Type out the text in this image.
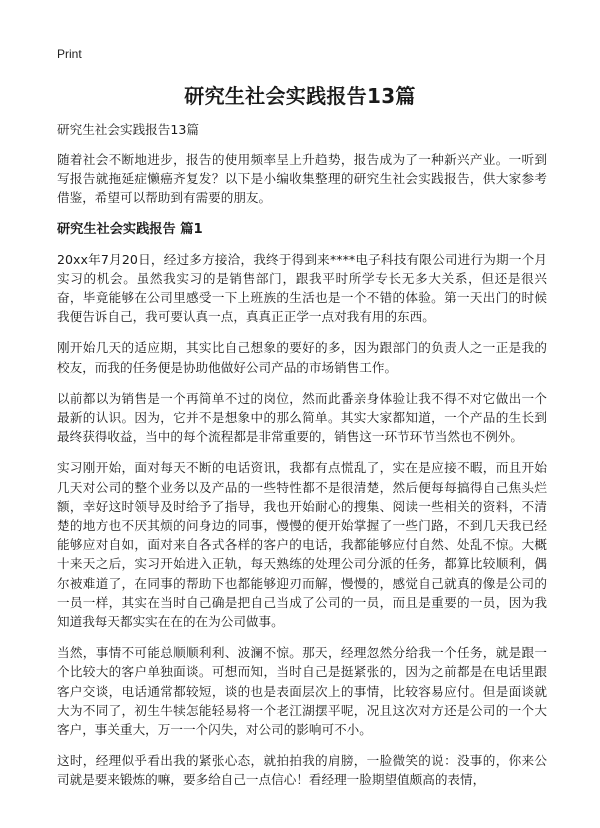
Print
研究生社会实践报告13篇
研究生社会实践报告13篇

随着社会不断地进步，报告的使用频率呈上升趋势，报告成为了一种新兴产业。一听到写报告就拖延症懒癌齐复发？以下是小编收集整理的研究生社会实践报告，供大家参考借鉴，希望可以帮助到有需要的朋友。

研究生社会实践报告 篇1

20xx年7月20日，经过多方接洽，我终于得到来****电子科技有限公司进行为期一个月实习的机会。虽然我实习的是销售部门，跟我平时所学专长无多大关系，但还是很兴奋，毕竟能够在公司里感受一下上班族的生活也是一个不错的体验。第一天出门的时候我便告诉自己，我可要认真一点，真真正正学一点对我有用的东西。

刚开始几天的适应期，其实比自己想象的要好的多，因为跟部门的负责人之一正是我的校友，而我的任务便是协助他做好公司产品的市场销售工作。

以前都以为销售是一个再简单不过的岗位，然而此番亲身体验让我不得不对它做出一个最新的认识。因为，它并不是想象中的那么简单。其实大家都知道，一个产品的生长到最终获得收益，当中的每个流程都是非常重要的，销售这一环节环节当然也不例外。

实习刚开始，面对每天不断的电话资讯，我都有点慌乱了，实在是应接不暇，而且开始几天对公司的整个业务以及产品的一些特性都不是很清楚，然后便每每搞得自己焦头烂额，幸好这时领导及时给予了指导，我也开始耐心的搜集、阅读一些相关的资料，不清楚的地方也不厌其烦的问身边的同事，慢慢的便开始掌握了一些门路，不到几天我已经能够应对自如，面对来自各式各样的客户的电话，我都能够应付自然、处乱不惊。大概十来天之后，实习开始进入正轨，每天熟练的处理公司分派的任务，都算比较顺利，偶尔被难道了，在同事的帮助下也都能够迎刃而解，慢慢的，感觉自己就真的像是公司的一员一样，其实在当时自己确是把自己当成了公司的一员，而且是重要的一员，因为我知道我每天都实实在在的在为公司做事。

当然，事情不可能总顺顺利利、波澜不惊。那天，经理忽然分给我一个任务，就是跟一个比较大的客户单独面谈。可想而知，当时自己是挺紧张的，因为之前都是在电话里跟客户交谈，电话通常都较短，谈的也是表面层次上的事情，比较容易应付。但是面谈就大为不同了，初生牛犊怎能轻易将一个老江湖摆平呢，况且这次对方还是公司的一个大客户，事关重大，万一一个闪失，对公司的影响可不小。

这时，经理似乎看出我的紧张心态，就拍拍我的肩膀，一脸微笑的说：没事的，你来公司就是要来锻炼的嘛，要多给自己一点信心！看经理一脸期望值颇高的表情，
